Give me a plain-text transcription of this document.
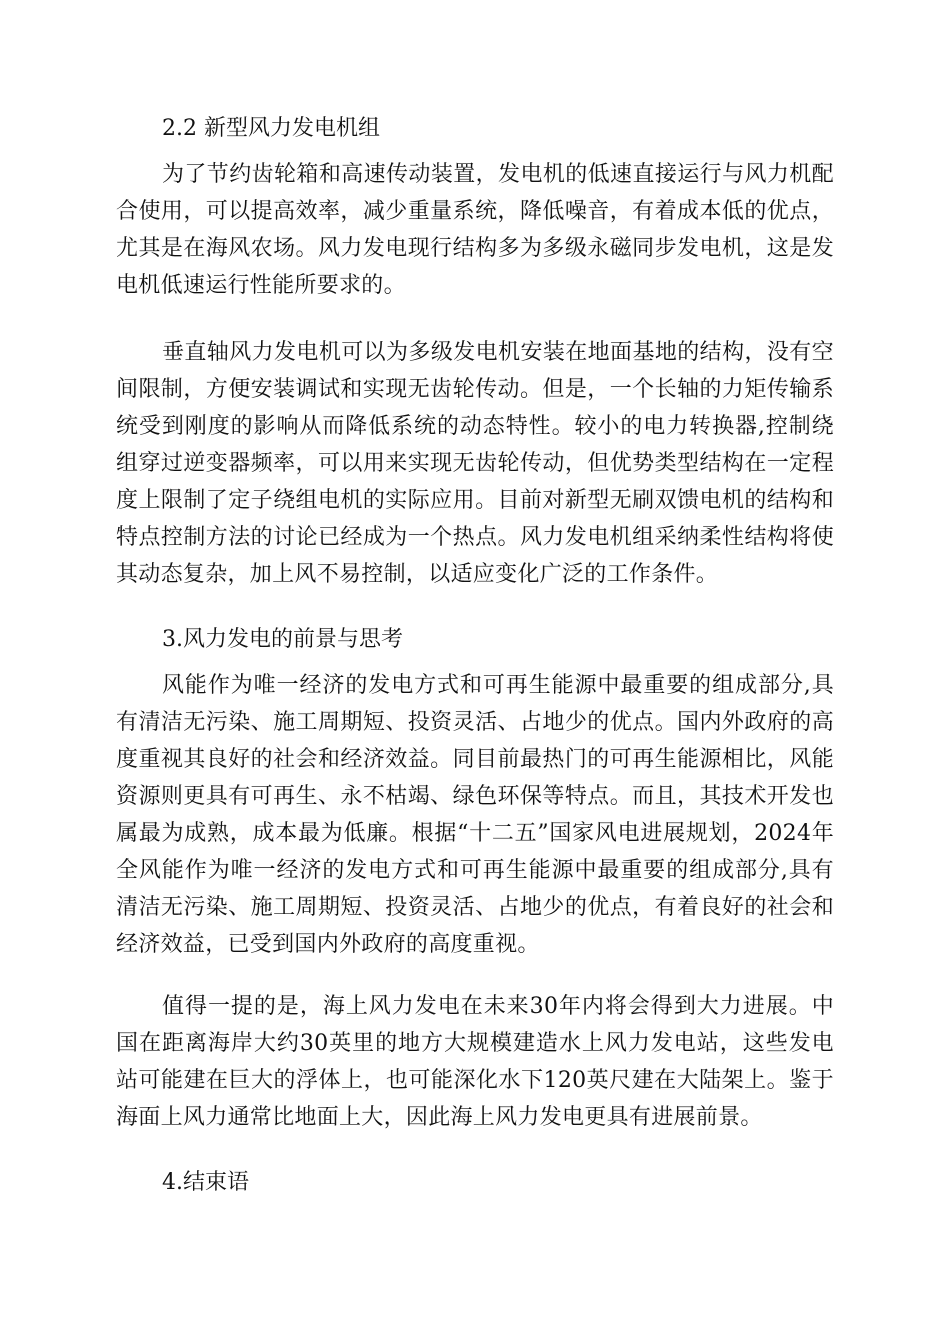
2.2 新型风力发电机组

为了节约齿轮箱和高速传动装置，发电机的低速直接运行与风力机配合使用，可以提高效率，减少重量系统，降低噪音，有着成本低的优点，尤其是在海风农场。风力发电现行结构多为多级永磁同步发电机，这是发电机低速运行性能所要求的。

垂直轴风力发电机可以为多级发电机安装在地面基地的结构，没有空间限制，方便安装调试和实现无齿轮传动。但是，一个长轴的力矩传输系统受到刚度的影响从而降低系统的动态特性。较小的电力转换器,控制绕组穿过逆变器频率，可以用来实现无齿轮传动，但优势类型结构在一定程度上限制了定子绕组电机的实际应用。目前对新型无刷双馈电机的结构和特点控制方法的讨论已经成为一个热点。风力发电机组采纳柔性结构将使其动态复杂，加上风不易控制，以适应变化广泛的工作条件。

3.风力发电的前景与思考

风能作为唯一经济的发电方式和可再生能源中最重要的组成部分,具有清洁无污染、施工周期短、投资灵活、占地少的优点。国内外政府的高度重视其良好的社会和经济效益。同目前最热门的可再生能源相比，风能资源则更具有可再生、永不枯竭、绿色环保等特点。而且，其技术开发也属最为成熟，成本最为低廉。根据“十二五”国家风电进展规划，2024年全风能作为唯一经济的发电方式和可再生能源中最重要的组成部分,具有清洁无污染、施工周期短、投资灵活、占地少的优点，有着良好的社会和经济效益，已受到国内外政府的高度重视。

值得一提的是，海上风力发电在未来30年内将会得到大力进展。中国在距离海岸大约30英里的地方大规模建造水上风力发电站，这些发电站可能建在巨大的浮体上，也可能深化水下120英尺建在大陆架上。鉴于海面上风力通常比地面上大，因此海上风力发电更具有进展前景。

4.结束语
